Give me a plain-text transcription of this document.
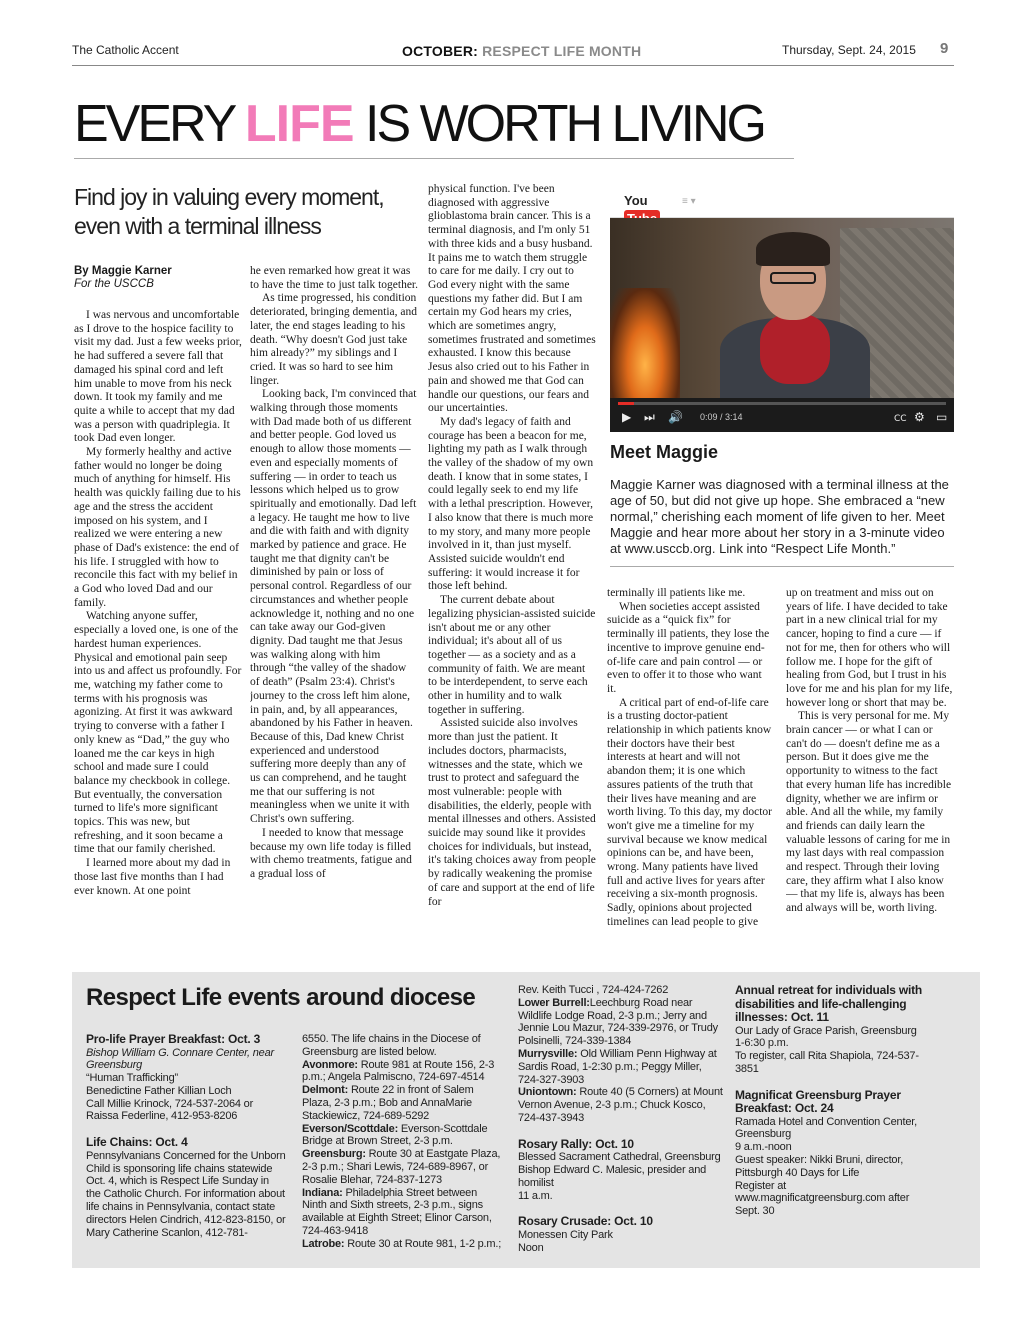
The Catholic Accent	OCTOBER: RESPECT LIFE MONTH	Thursday, Sept. 24, 2015 9
EVERY LIFE IS WORTH LIVING
Find joy in valuing every moment, even with a terminal illness
By Maggie Karner
For the USCCB

I was nervous and uncomfortable as I drove to the hospice facility to visit my dad. Just a few weeks prior, he had suffered a severe fall that damaged his spinal cord and left him unable to move from his neck down. It took my family and me quite a while to accept that my dad was a person with quadriplegia. It took Dad even longer.

My formerly healthy and active father would no longer be doing much of anything for himself. His health was quickly failing due to his age and the stress the accident imposed on his system, and I realized we were entering a new phase of Dad's existence: the end of his life. I struggled with how to reconcile this fact with my belief in a God who loved Dad and our family.

Watching anyone suffer, especially a loved one, is one of the hardest human experiences. Physical and emotional pain seep into us and affect us profoundly. For me, watching my father come to terms with his prognosis was agonizing. At first it was awkward trying to converse with a father I only knew as “Dad,” the guy who loaned me the car keys in high school and made sure I could balance my checkbook in college. But eventually, the conversation turned to life's more significant topics. This was new, but refreshing, and it soon became a time that our family cherished.

I learned more about my dad in those last five months than I had ever known. At one point

he even remarked how great it was to have the time to just talk together.

As time progressed, his condition deteriorated, bringing dementia, and later, the end stages leading to his death. “Why doesn't God just take him already?” my siblings and I cried. It was so hard to see him linger.

Looking back, I'm convinced that walking through those moments with Dad made both of us different and better people. God loved us enough to allow those moments — even and especially moments of suffering — in order to teach us lessons which helped us to grow spiritually and emotionally. Dad left a legacy. He taught me how to live and die with faith and with dignity marked by patience and grace. He taught me that dignity can't be diminished by pain or loss of personal control. Regardless of our circumstances and whether people acknowledge it, nothing and no one can take away our God-given dignity. Dad taught me that Jesus was walking along with him through “the valley of the shadow of death” (Psalm 23:4). Christ's journey to the cross left him alone, in pain, and, by all appearances, abandoned by his Father in heaven. Because of this, Dad knew Christ experienced and understood suffering more deeply than any of us can comprehend, and he taught me that our suffering is not meaningless when we unite it with Christ's own suffering.

I needed to know that message because my own life today is filled with chemo treatments, fatigue and a gradual loss of

physical function. I've been diagnosed with aggressive glioblastoma brain cancer. This is a terminal diagnosis, and I'm only 51 with three kids and a busy husband. It pains me to watch them struggle to care for me daily. I cry out to God every night with the same questions my father did. But I am certain my God hears my cries, which are sometimes angry, sometimes frustrated and sometimes exhausted. I know this because Jesus also cried out to his Father in pain and showed me that God can handle our questions, our fears and our uncertainties.

My dad's legacy of faith and courage has been a beacon for me, lighting my path as I walk through the valley of the shadow of my own death. I know that in some states, I could legally seek to end my life with a lethal prescription. However, I also know that there is much more to my story, and many more people involved in it, than just myself. Assisted suicide wouldn't end suffering: it would increase it for those left behind.

The current debate about legalizing physician-assisted suicide isn't about me or any other individual; it's about all of us together — as a society and as a community of faith. We are meant to be interdependent, to serve each other in humility and to walk together in suffering.

Assisted suicide also involves more than just the patient. It includes doctors, pharmacists, witnesses and the state, which we trust to protect and safeguard the most vulnerable: people with disabilities, the elderly, people with mental illnesses and others. Assisted suicide may sound like it provides choices for individuals, but instead, it's taking choices away from people by radically weakening the promise of care and support at the end of life for

terminally ill patients like me.

When societies accept assisted suicide as a “quick fix” for terminally ill patients, they lose the incentive to improve genuine end-of-life care and pain control — or even to offer it to those who want it.

A critical part of end-of-life care is a trusting doctor-patient relationship in which patients know their doctors have their best interests at heart and will not abandon them; it is one which assures patients of the truth that their lives have meaning and are worth living. To this day, my doctor won't give me a timeline for my survival because we know medical opinions can be, and have been, wrong. Many patients have lived full and active lives for years after receiving a six-month prognosis. Sadly, opinions about projected timelines can lead people to give

up on treatment and miss out on years of life. I have decided to take part in a new clinical trial for my cancer, hoping to find a cure — if not for me, then for others who will follow me. I hope for the gift of healing from God, but I trust in his love for me and his plan for my life, however long or short that may be.

This is very personal for me. My brain cancer — or what I can or can't do — doesn't define me as a person. But it does give me the opportunity to witness to the fact that every human life has incredible dignity, whether we are infirm or able. And all the while, my family and friends can daily learn the valuable lessons of caring for me in my last days with real compassion and respect. Through their loving care, they affirm what I also know — that my life is, always has been and always will be, worth living.

You	≡ ▾
▶ ⏭ 🔊 0:09 / 3:14	CC ⚙ ▭
Meet Maggie
Maggie Karner was diagnosed with a terminal illness at the age of 50, but did not give up hope. She embraced a “new normal,” cherishing each moment of life given to her. Meet Maggie and hear more about her story in a 3-minute video at www.usccb.org. Link into “Respect Life Month.”
Respect Life events around diocese
Pro-life Prayer Breakfast: Oct. 3
Bishop William G. Connare Center, near Greensburg
“Human Trafficking”
Benedictine Father Killian Loch
Call Millie Krinock, 724-537-2064 or Raissa Federline, 412-953-8206
Life Chains: Oct. 4
Pennsylvanians Concerned for the Unborn Child is sponsoring life chains statewide Oct. 4, which is Respect Life Sunday in the Catholic Church. For information about life chains in Pennsylvania, contact state directors Helen Cindrich, 412-823-8150, or Mary Catherine Scanlon, 412-781-
6550. The life chains in the Diocese of Greensburg are listed below.
Avonmore: Route 981 at Route 156, 2-3 p.m.; Angela Palmiscno, 724-697-4514
Delmont: Route 22 in front of Salem Plaza, 2-3 p.m.; Bob and AnnaMarie Stackiewicz, 724-689-5292
Everson/Scottdale: Everson-Scottdale Bridge at Brown Street, 2-3 p.m.
Greensburg: Route 30 at Eastgate Plaza, 2-3 p.m.; Shari Lewis, 724-689-8967, or Rosalie Blehar, 724-837-1273
Indiana: Philadelphia Street between Ninth and Sixth streets, 2-3 p.m., signs available at Eighth Street; Elinor Carson, 724-463-9418
Latrobe: Route 30 at Route 981, 1-2 p.m.;
Rev. Keith Tucci , 724-424-7262
Lower Burrell:Leechburg Road near Wildlife Lodge Road, 2-3 p.m.; Jerry and Jennie Lou Mazur, 724-339-2976, or Trudy Polsinelli, 724-339-1384
Murrysville: Old William Penn Highway at Sardis Road, 1-2:30 p.m.; Peggy Miller, 724-327-3903
Uniontown: Route 40 (5 Corners) at Mount Vernon Avenue, 2-3 p.m.; Chuck Kosco, 724-437-3943
Rosary Rally: Oct. 10
Blessed Sacrament Cathedral, Greensburg
Bishop Edward C. Malesic, presider and homilist
11 a.m.
Rosary Crusade: Oct. 10
Monessen City Park
Noon
Annual retreat for individuals with disabilities and life-challenging illnesses: Oct. 11
Our Lady of Grace Parish, Greensburg
1-6:30 p.m.
To register, call Rita Shapiola, 724-537-3851
Magnificat Greensburg Prayer Breakfast: Oct. 24
Ramada Hotel and Convention Center, Greensburg
9 a.m.-noon
Guest speaker: Nikki Bruni, director, Pittsburgh 40 Days for Life
Register at www.magnificatgreensburg.com after Sept. 30
